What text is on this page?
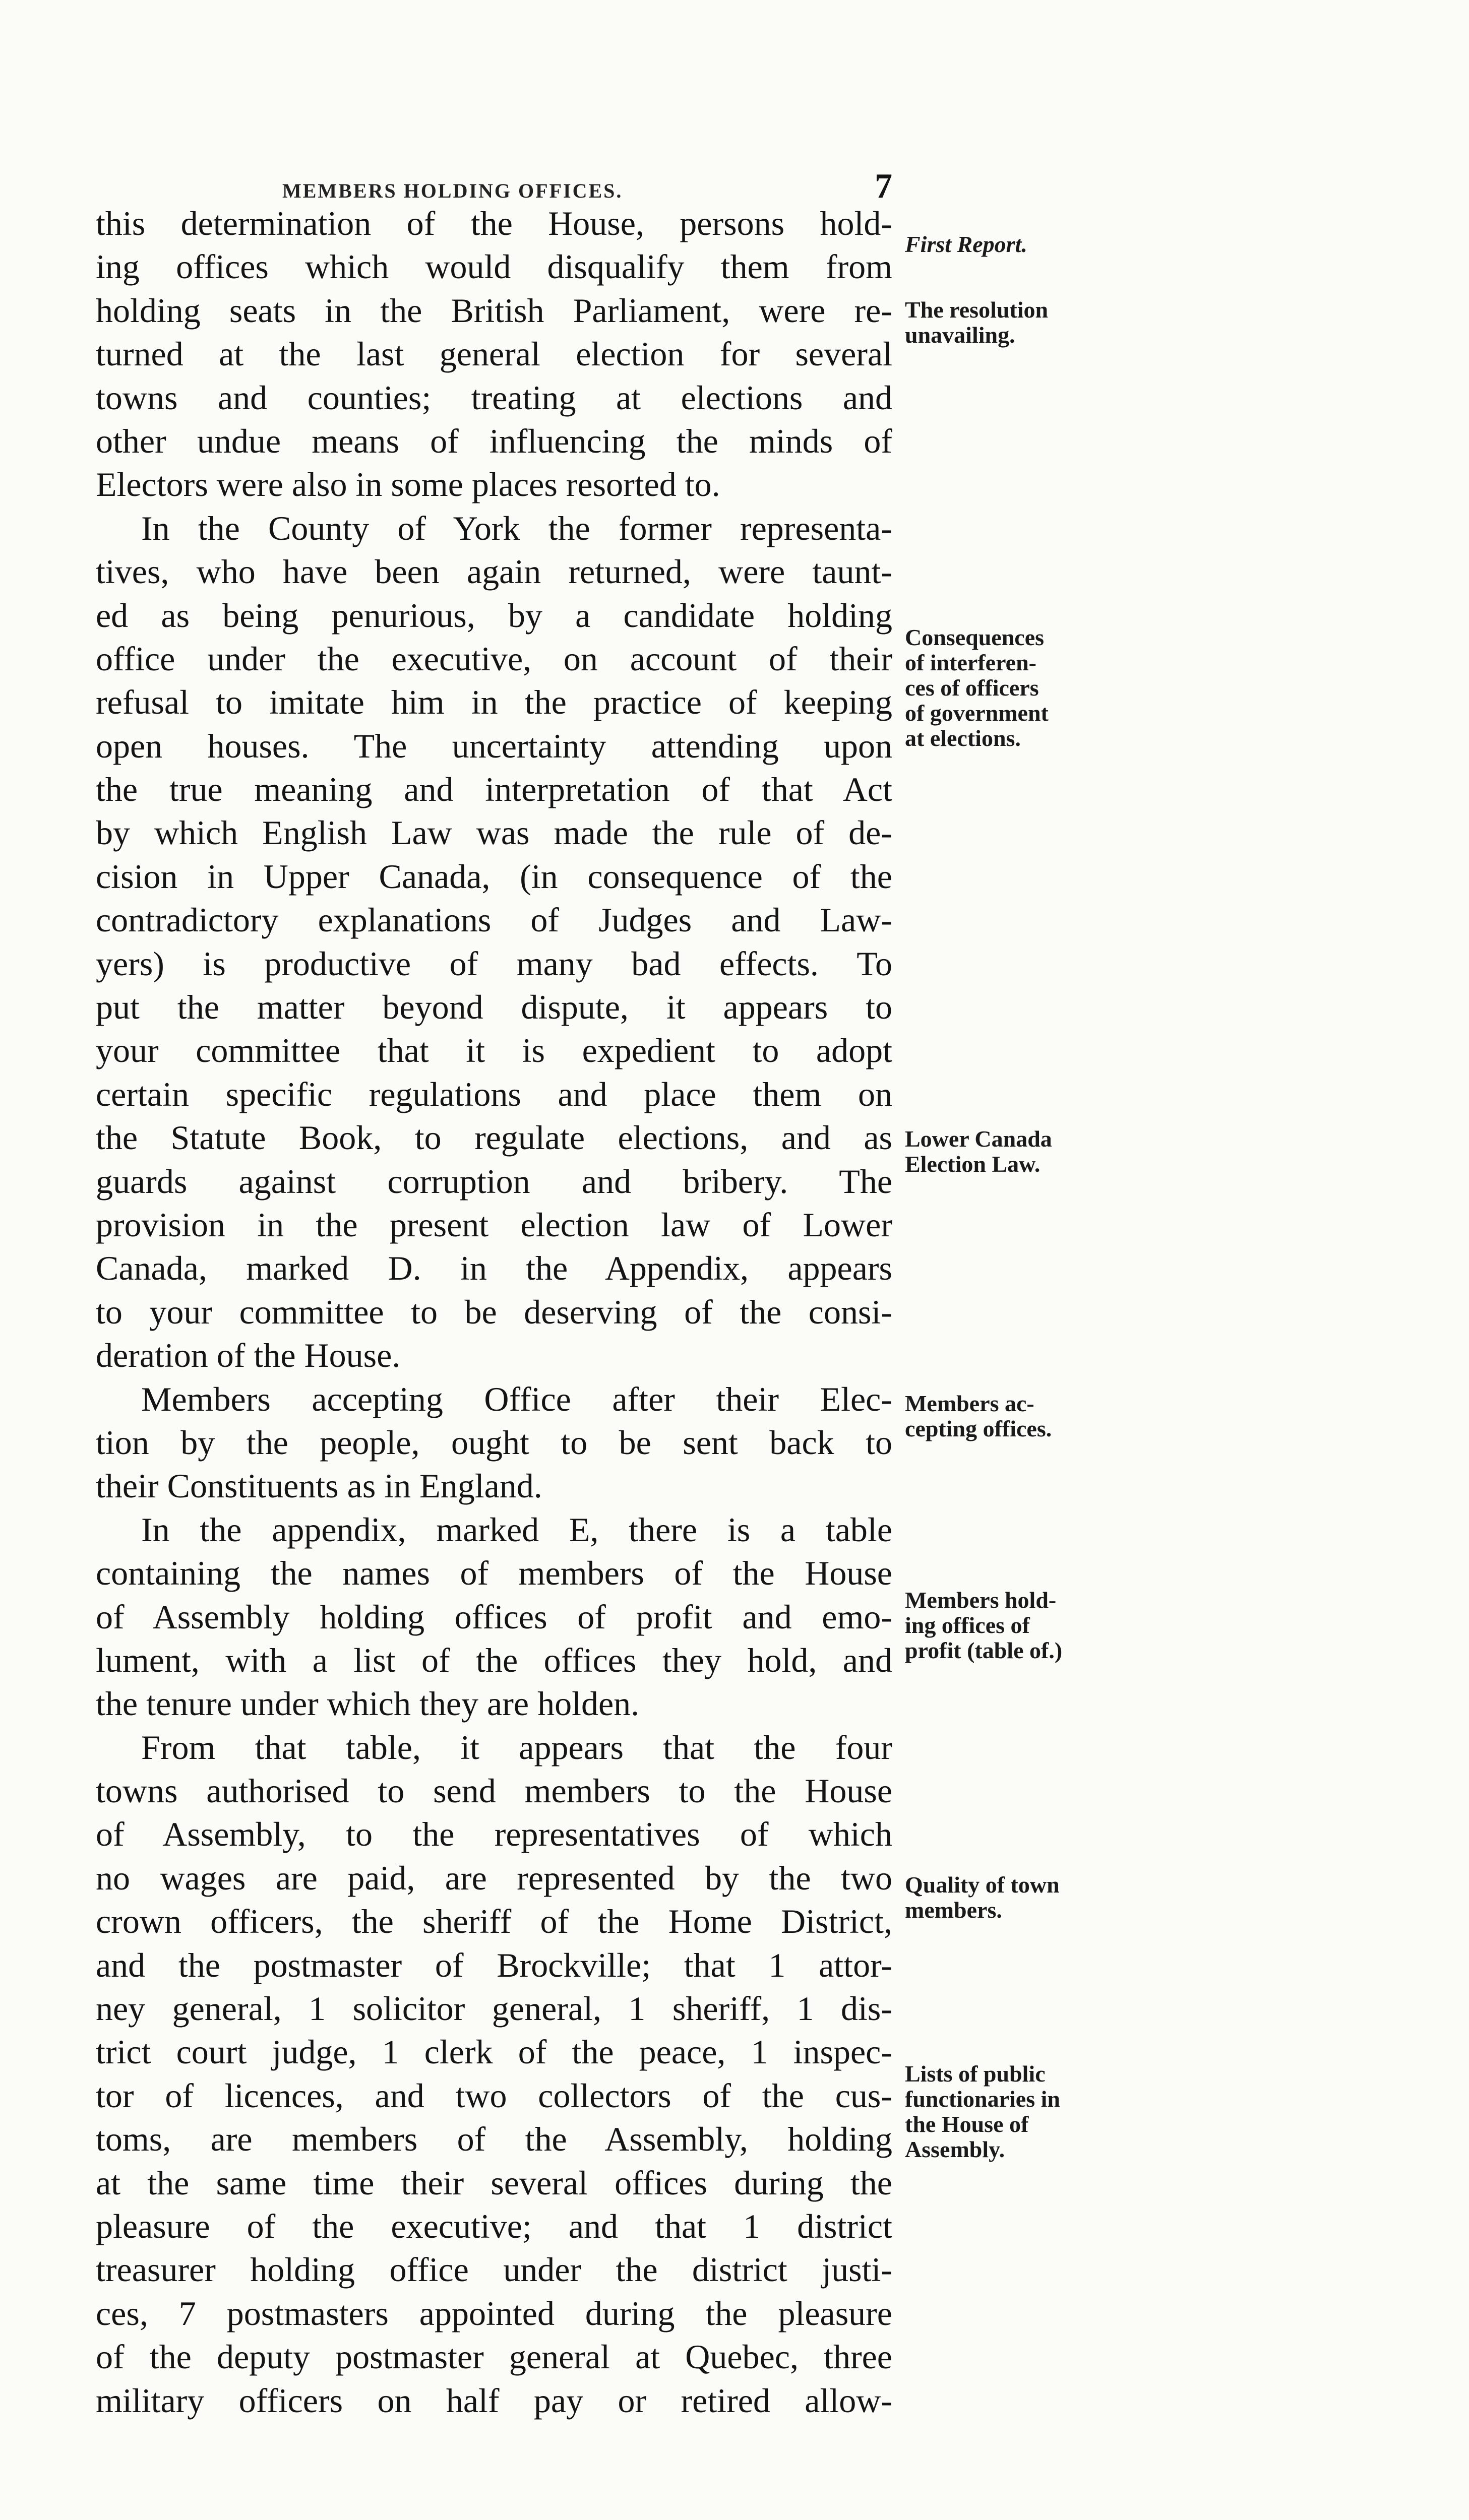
MEMBERS HOLDING OFFICES.	7
this determination of the House, persons hold-
ing offices which would disqualify them from
holding seats in the British Parliament, were re-
turned at the last general election for several
towns and counties; treating at elections and
other undue means of influencing the minds of
Electors were also in some places resorted to.
In the County of York the former representa-
tives, who have been again returned, were taunt-
ed as being penurious, by a candidate holding
office under the executive, on account of their
refusal to imitate him in the practice of keeping
open houses. The uncertainty attending upon
the true meaning and interpretation of that Act
by which English Law was made the rule of de-
cision in Upper Canada, (in consequence of the
contradictory explanations of Judges and Law-
yers) is productive of many bad effects. To
put the matter beyond dispute, it appears to
your committee that it is expedient to adopt
certain specific regulations and place them on
the Statute Book, to regulate elections, and as
guards against corruption and bribery. The
provision in the present election law of Lower
Canada, marked D. in the Appendix, appears
to your committee to be deserving of the consi-
deration of the House.
Members accepting Office after their Elec-
tion by the people, ought to be sent back to
their Constituents as in England.
In the appendix, marked E, there is a table
containing the names of members of the House
of Assembly holding offices of profit and emo-
lument, with a list of the offices they hold, and
the tenure under which they are holden.
From that table, it appears that the four
towns authorised to send members to the House
of Assembly, to the representatives of which
no wages are paid, are represented by the two
crown officers, the sheriff of the Home District,
and the postmaster of Brockville; that 1 attor-
ney general, 1 solicitor general, 1 sheriff, 1 dis-
trict court judge, 1 clerk of the peace, 1 inspec-
tor of licences, and two collectors of the cus-
toms, are members of the Assembly, holding
at the same time their several offices during the
pleasure of the executive; and that 1 district
treasurer holding office under the district justi-
ces, 7 postmasters appointed during the pleasure
of the deputy postmaster general at Quebec, three
military officers on half pay or retired allow-
First Report.
The resolution
unavailing.
Consequences
of interferen-
ces of officers
of government
at elections.
Lower Canada
Election Law.
Members ac-
cepting offices.
Members hold-
ing offices of
profit (table of.)
Quality of town
members.
Lists of public
functionaries in
the House of
Assembly.
